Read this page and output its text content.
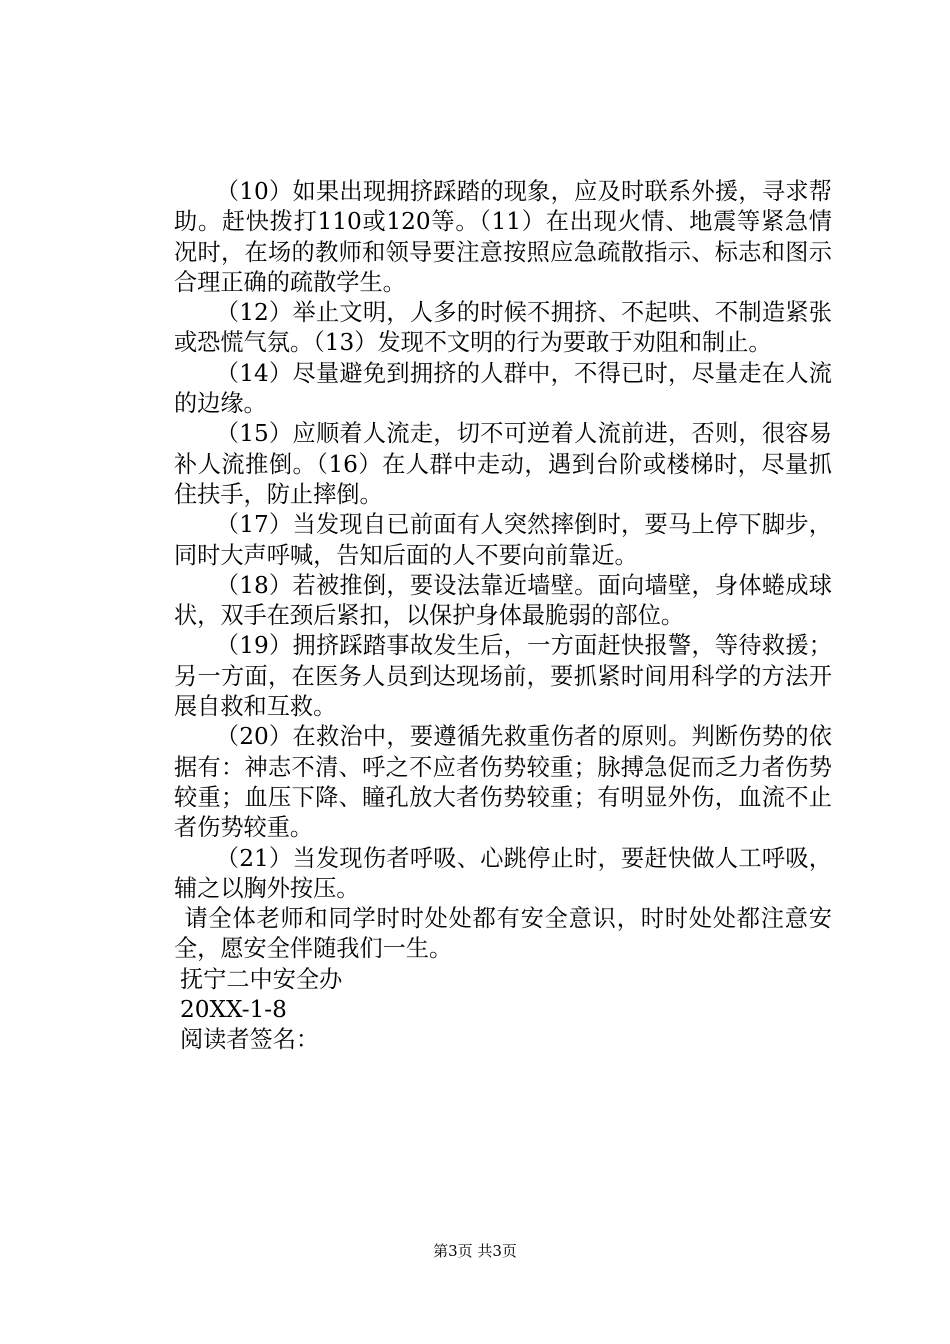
（10）如果出现拥挤踩踏的现象，应及时联系外援，寻求帮助。赶快拨打110或120等。（11）在出现火情、地震等紧急情况时，在场的教师和领导要注意按照应急疏散指示、标志和图示合理正确的疏散学生。

（12）举止文明，人多的时候不拥挤、不起哄、不制造紧张或恐慌气氛。（13）发现不文明的行为要敢于劝阻和制止。

（14）尽量避免到拥挤的人群中，不得已时，尽量走在人流的边缘。

（15）应顺着人流走，切不可逆着人流前进，否则，很容易补人流推倒。（16）在人群中走动，遇到台阶或楼梯时，尽量抓住扶手，防止摔倒。

（17）当发现自已前面有人突然摔倒时，要马上停下脚步，同时大声呼喊，告知后面的人不要向前靠近。

（18）若被推倒，要设法靠近墙壁。面向墙壁，身体蜷成球状，双手在颈后紧扣，以保护身体最脆弱的部位。

（19）拥挤踩踏事故发生后，一方面赶快报警，等待救援；另一方面，在医务人员到达现场前，要抓紧时间用科学的方法开展自救和互救。

（20）在救治中，要遵循先救重伤者的原则。判断伤势的依据有：神志不清、呼之不应者伤势较重；脉搏急促而乏力者伤势较重；血压下降、瞳孔放大者伤势较重；有明显外伤，血流不止者伤势较重。

（21）当发现伤者呼吸、心跳停止时，要赶快做人工呼吸，辅之以胸外按压。

请全体老师和同学时时处处都有安全意识，时时处处都注意安全，愿安全伴随我们一生。

抚宁二中安全办

20XX-1-8

阅读者签名：

第3页 共3页
